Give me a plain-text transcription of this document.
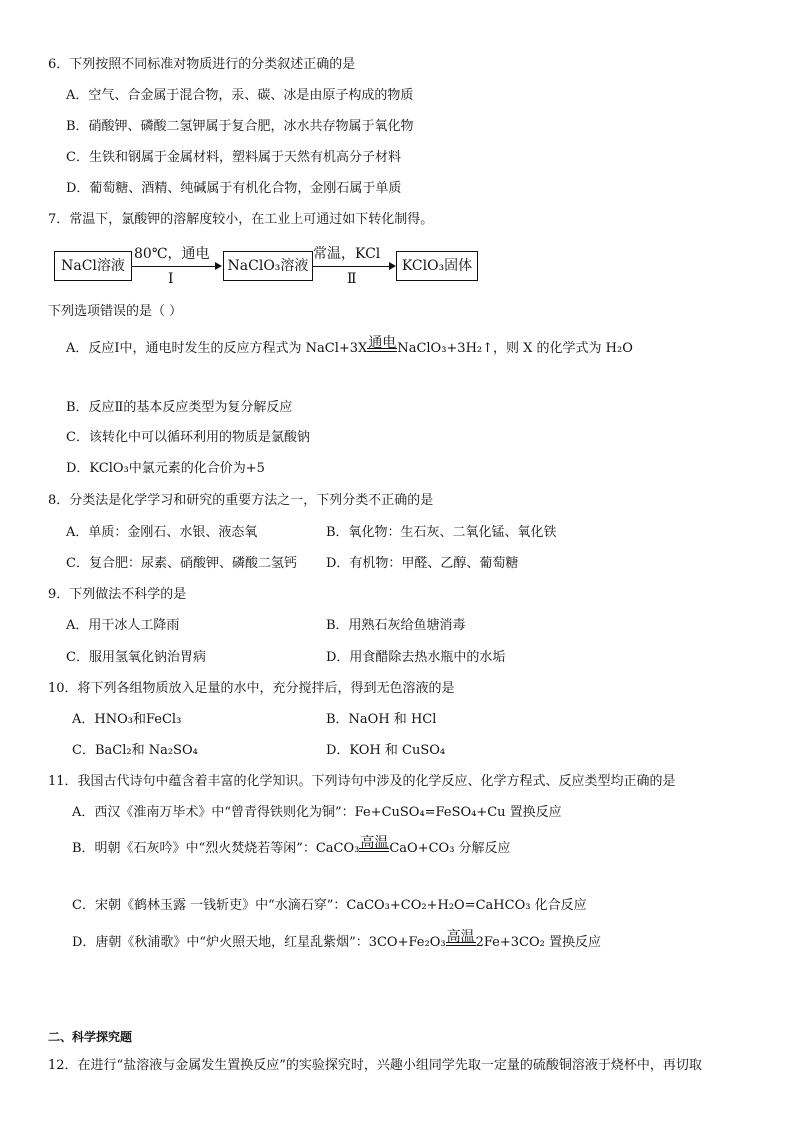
6．下列按照不同标准对物质进行的分类叙述正确的是
A．空气、合金属于混合物，汞、碳、冰是由原子构成的物质
B．硝酸钾、磷酸二氢钾属于复合肥，冰水共存物属于氧化物
C．生铁和钢属于金属材料，塑料属于天然有机高分子材料
D．葡萄糖、酒精、纯碱属于有机化合物，金刚石属于单质
7．常温下，氯酸钾的溶解度较小，在工业上可通过如下转化制得。
NaCl溶液
80℃，通电
Ⅰ
NaClO₃溶液
常温，KCl
Ⅱ
KClO₃固体
下列选项错误的是（ ）
A．反应Ⅰ中，通电时发生的反应方程式为 NaCl+3X 通电 NaClO₃+3H₂↑，则 X 的化学式为 H₂O
B．反应Ⅱ的基本反应类型为复分解反应
C．该转化中可以循环利用的物质是氯酸钠
D．KClO₃中氯元素的化合价为+5
8．分类法是化学学习和研究的重要方法之一，下列分类不正确的是
A．单质：金刚石、水银、液态氧	B．氧化物：生石灰、二氧化锰、氧化铁
C．复合肥：尿素、硝酸钾、磷酸二氢钙 D．有机物：甲醛、乙醇、葡萄糖
9．下列做法不科学的是
A．用干冰人工降雨	B．用熟石灰给鱼塘消毒
C．服用氢氧化钠治胃病	D．用食醋除去热水瓶中的水垢
10．将下列各组物质放入足量的水中，充分搅拌后，得到无色溶液的是
A．HNO₃和FeCl₃	B．NaOH 和 HCl
C．BaCl₂和 Na₂SO₄	D．KOH 和 CuSO₄
11．我国古代诗句中蕴含着丰富的化学知识。下列诗句中涉及的化学反应、化学方程式、反应类型均正确的是
A．西汉《淮南万毕术》中“曾青得铁则化为铜”：Fe+CuSO₄=FeSO₄+Cu 置换反应
B．明朝《石灰吟》中“烈火焚烧若等闲”：CaCO₃ 高温 CaO+CO₃ 分解反应
C．宋朝《鹤林玉露 一钱斩吏》中“水滴石穿”：CaCO₃+CO₂+H₂O=CaHCO₃ 化合反应
D．唐朝《秋浦歌》中“炉火照天地，红星乱紫烟”：3CO+Fe₂O₃ 高温 2Fe+3CO₂ 置换反应
二、科学探究题
12．在进行“盐溶液与金属发生置换反应”的实验探究时，兴趣小组同学先取一定量的硫酸铜溶液于烧杯中，再切取
